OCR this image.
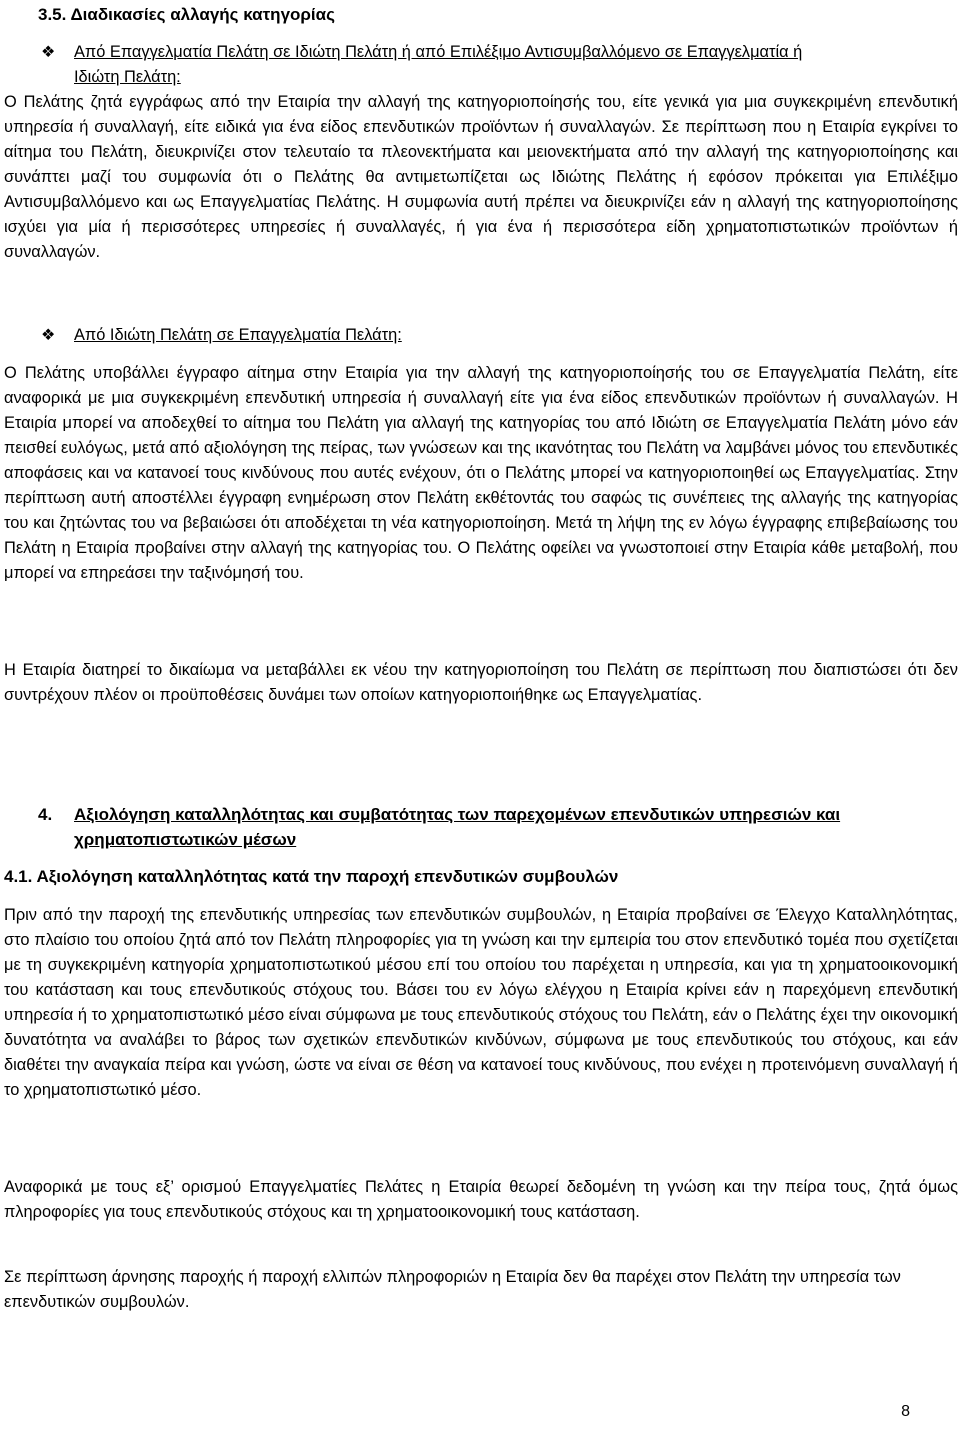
3.5. Διαδικασίες αλλαγής κατηγορίας
❖ Από Επαγγελματία Πελάτη σε Ιδιώτη Πελάτη ή από Επιλέξιμο Αντισυμβαλλόμενο σε Επαγγελματία ή Ιδιώτη Πελάτη:
Ο Πελάτης ζητά εγγράφως από την Εταιρία την αλλαγή της κατηγοριοποίησής του, είτε γενικά για μια συγκεκριμένη επενδυτική υπηρεσία ή συναλλαγή, είτε ειδικά για ένα είδος επενδυτικών προϊόντων ή συναλλαγών. Σε περίπτωση που η Εταιρία εγκρίνει το αίτημα του Πελάτη, διευκρινίζει στον τελευταίο τα πλεονεκτήματα και μειονεκτήματα από την αλλαγή της κατηγοριοποίησης και συνάπτει μαζί του συμφωνία ότι ο Πελάτης θα αντιμετωπίζεται ως Ιδιώτης Πελάτης ή εφόσον πρόκειται για Επιλέξιμο Αντισυμβαλλόμενο και ως Επαγγελματίας Πελάτης. Η συμφωνία αυτή πρέπει να διευκρινίζει εάν η αλλαγή της κατηγοριοποίησης ισχύει για μία ή περισσότερες υπηρεσίες ή συναλλαγές, ή για ένα ή περισσότερα είδη χρηματοπιστωτικών προϊόντων ή συναλλαγών.
❖ Από Ιδιώτη Πελάτη σε Επαγγελματία Πελάτη:
Ο Πελάτης υποβάλλει έγγραφο αίτημα στην Εταιρία για την αλλαγή της κατηγοριοποίησής του σε Επαγγελματία Πελάτη, είτε αναφορικά με μια συγκεκριμένη επενδυτική υπηρεσία ή συναλλαγή είτε για ένα είδος επενδυτικών προϊόντων ή συναλλαγών. Η Εταιρία μπορεί να αποδεχθεί το αίτημα του Πελάτη για αλλαγή της κατηγορίας του από Ιδιώτη σε Επαγγελματία Πελάτη μόνο εάν πεισθεί ευλόγως, μετά από αξιολόγηση της πείρας, των γνώσεων και της ικανότητας του Πελάτη να λαμβάνει μόνος του επενδυτικές αποφάσεις και να κατανοεί τους κινδύνους που αυτές ενέχουν, ότι ο Πελάτης μπορεί να κατηγοριοποιηθεί ως Επαγγελματίας. Στην περίπτωση αυτή αποστέλλει έγγραφη ενημέρωση στον Πελάτη εκθέτοντάς του σαφώς τις συνέπειες της αλλαγής της κατηγορίας του και ζητώντας του να βεβαιώσει ότι αποδέχεται τη νέα κατηγοριοποίηση. Μετά τη λήψη της εν λόγω έγγραφης επιβεβαίωσης του Πελάτη η Εταιρία προβαίνει στην αλλαγή της κατηγορίας του. Ο Πελάτης οφείλει να γνωστοποιεί στην Εταιρία κάθε μεταβολή, που μπορεί να επηρεάσει την ταξινόμησή του.
Η Εταιρία διατηρεί το δικαίωμα να μεταβάλλει εκ νέου την κατηγοριοποίηση του Πελάτη σε περίπτωση που διαπιστώσει ότι δεν συντρέχουν πλέον οι προϋποθέσεις δυνάμει των οποίων κατηγοριοποιήθηκε ως Επαγγελματίας.
4. Αξιολόγηση καταλληλότητας και συμβατότητας των παρεχομένων επενδυτικών υπηρεσιών και
χρηματοπιστωτικών μέσων
4.1. Αξιολόγηση καταλληλότητας κατά την παροχή επενδυτικών συμβουλών
Πριν από την παροχή της επενδυτικής υπηρεσίας των επενδυτικών συμβουλών, η Εταιρία προβαίνει σε Έλεγχο Καταλληλότητας, στο πλαίσιο του οποίου ζητά από τον Πελάτη πληροφορίες για τη γνώση και την εμπειρία του στον επενδυτικό τομέα που σχετίζεται με τη συγκεκριμένη κατηγορία χρηματοπιστωτικού μέσου επί του οποίου του παρέχεται η υπηρεσία, και για τη χρηματοοικονομική του κατάσταση και τους επενδυτικούς στόχους του. Βάσει του εν λόγω ελέγχου η Εταιρία κρίνει εάν η παρεχόμενη επενδυτική υπηρεσία ή το χρηματοπιστωτικό μέσο είναι σύμφωνα με τους επενδυτικούς στόχους του Πελάτη, εάν ο Πελάτης έχει την οικονομική δυνατότητα να αναλάβει το βάρος των σχετικών επενδυτικών κινδύνων, σύμφωνα με τους επενδυτικούς του στόχους, και εάν διαθέτει την αναγκαία πείρα και γνώση, ώστε να είναι σε θέση να κατανοεί τους κινδύνους, που ενέχει η προτεινόμενη συναλλαγή ή το χρηματοπιστωτικό μέσο.
Αναφορικά με τους εξ’ ορισμού Επαγγελματίες Πελάτες η Εταιρία θεωρεί δεδομένη τη γνώση και την πείρα τους, ζητά όμως πληροφορίες για τους επενδυτικούς στόχους και τη χρηματοοικονομική τους κατάσταση.
Σε περίπτωση άρνησης παροχής ή παροχή ελλιπών πληροφοριών η Εταιρία δεν θα παρέχει στον Πελάτη την υπηρεσία των επενδυτικών συμβουλών.
8
